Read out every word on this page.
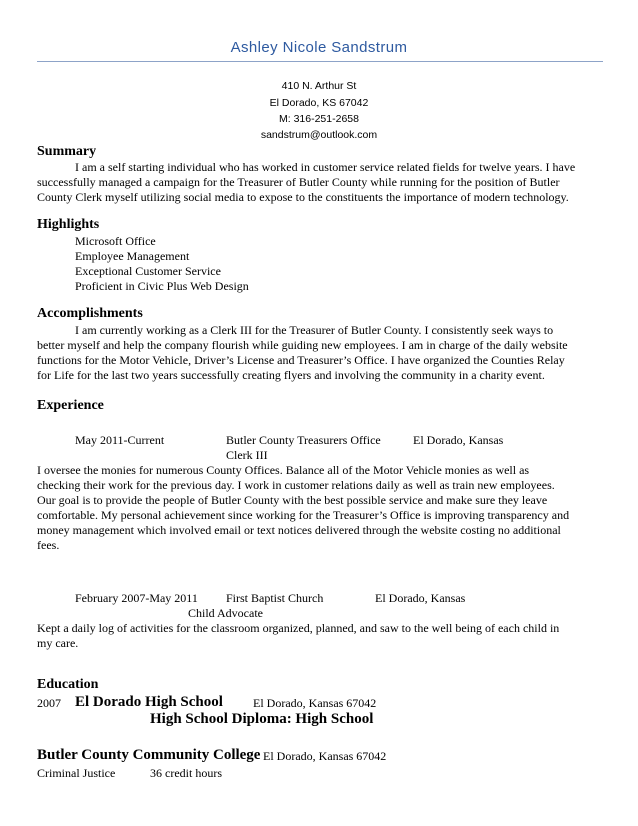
Ashley Nicole Sandstrum
410 N. Arthur St
El Dorado, KS 67042
M: 316-251-2658
sandstrum@outlook.com
Summary
I am a self starting individual who has worked in customer service related fields for twelve years. I have
successfully managed a campaign for the Treasurer of Butler County while running for the position of Butler
County Clerk myself utilizing social media to expose to the constituents the importance of modern technology.
Highlights
Microsoft Office
Employee Management
Exceptional Customer Service
Proficient in Civic Plus Web Design
Accomplishments
I am currently working as a Clerk III for the Treasurer of Butler County. I consistently seek ways to
better myself and help the company flourish while guiding new employees. I am in charge of the daily website
functions for the Motor Vehicle, Driver’s License and Treasurer’s Office. I have organized the Counties Relay
for Life for the last two years successfully creating flyers and involving the community in a charity event.
Experience
May 2011-Current	Butler County Treasurers Office	El Dorado, Kansas
Clerk III
I oversee the monies for numerous County Offices. Balance all of the Motor Vehicle monies as well as
checking their work for the previous day. I work in customer relations daily as well as train new employees.
Our goal is to provide the people of Butler County with the best possible service and make sure they leave
comfortable. My personal achievement since working for the Treasurer’s Office is improving transparency and
money management which involved email or text notices delivered through the website costing no additional
fees.
February 2007-May 2011 First Baptist Church	El Dorado, Kansas
Child Advocate
Kept a daily log of activities for the classroom organized, planned, and saw to the well being of each child in
my care.
Education
2007 El Dorado High School	El Dorado, Kansas 67042
High School Diploma: High School
Butler County Community College El Dorado, Kansas 67042
Criminal Justice	36 credit hours
